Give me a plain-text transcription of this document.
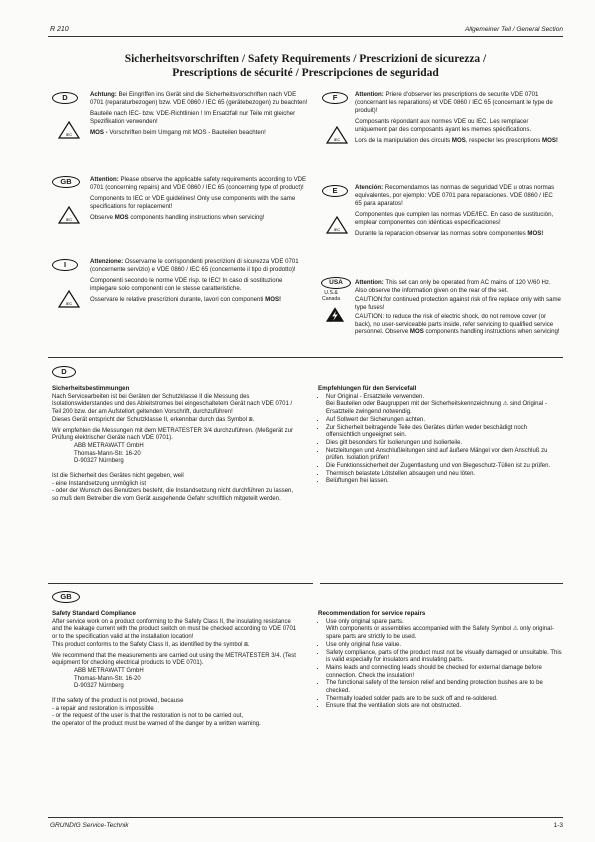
R 210	Allgemeiner Teil / General Section
Sicherheitsvorschriften / Safety Requirements / Prescrizioni de sicurezza /
Prescriptions de sécurité / Prescripciones de seguridad
D	Achtung: Bei Eingriffen ins Gerät sind die Sicherheitsvorschriften nach VDE 0701 (reparaturbezogen) bzw. VDE 0860 / IEC 65 (gerätebezogen) zu beachten!

Bauteile nach IEC- bzw. VDE-Richtlinien ! Im Ersatzfall nur Teile mit gleicher Spezifikation verwenden!

MOS - Vorschriften beim Umgang mit MOS - Bauteilen beachten!

IEC
GB	Attention: Please observe the applicable safety requirements according to VDE 0701 (concerning repairs) and VDE 0860 / IEC 65 (concerning type of product)!

Components to IEC or VDE guidelines! Only use components with the same specifications for replacement!

Observe MOS components handling instructions when servicing!

IEC
I	Attenzione: Osservarne le corrispondenti prescrizioni di sicurezza VDE 0701 (concernente servizio) e VDE 0860 / IEC 65 (concernente il tipo di prodotto)!

Componenti secondo le norme VDE risp. te IEC! In caso di sostituzione impiegare solo componenti con le stesse caratteristiche.

Osservare le relative prescrizioni durante, lavori con componenti MOS!

IEC
F	Attention: Priere d'observer les prescriptions de securite VDE 0701 (concernant les reparations) et VDE 0860 / IEC 65 (concernant le type de produit)!

Composants répondant aux normes VDE ou IEC. Les remplacer uniquement par des composants ayant les memes spécifications.

Lors de la manipulation des circuits MOS, respecter les prescriptions MOS!

IEC
E	Atención: Recomendamos las normas de seguridad VDE u otras normas equivalentes, por ejemplo: VDE 0701 para reparaciones. VDE 0860 / IEC 65 para aparatos!

Componentes que cumplen las normas VDE/IEC. En caso de sustitución, emplear componentes con idénticas especificaciones!

Durante la reparacion observar las normas sobre componentes MOS!

IEC
USA
U.S.&
Canada

Attention: This set can only be operated from AC mains of 120 V/60 Hz. Also observe the information given on the rear of the set.

CAUTION:for continued protection against risk of fire replace only with same type fuses!

CAUTION: to reduce the risk of electric shock, do not remove cover (or back), no user-serviceable parts inside, refer servicing to qualified service personnel. Observe MOS components handling instructions when servicing!

D
Sicherheitsbestimmungen

Nach Servicearbeiten ist bei Geräten der Schutzklasse II die Messung des Isolationswiderstandes und des Ableitstromes bei eingeschaltetem Gerät nach VDE 0701 / Teil 200 bzw. der am Aufstellort geltenden Vorschrift, durchzuführen!

Dieses Gerät entspricht der Schutzklasse II, erkennbar durch das Symbol ⧈.

Wir empfehlen die Messungen mit dem METRATESTER 3/4 durchzuführen. (Meßgerät zur Prüfung elektrischer Geräte nach VDE 0701).

ABB METRAWATT GmbH
Thomas-Mann-Str. 16-20
D-90327 Nürnberg

Ist die Sicherheit des Gerätes nicht gegeben, weil

- eine Instandsetzung unmöglich ist
- oder der Wunsch des Benutzers besteht, die Instandsetzung nicht durchführen zu lassen,

so muß dem Betreiber die vom Gerät ausgehende Gefahr schriftlich mitgeteilt werden.

Empfehlungen für den Servicefall
• Nur Original - Ersatzteile verwenden.
Bei Bauteilen oder Baugruppen mit der Sicherheitskennzeichnung ⚠ sind Original - Ersatzteile zwingend notwendig.
• Auf Sollwert der Sicherungen achten.
• Zur Sicherheit beitragende Teile des Gerätes dürfen weder beschädigt noch offensichtlich ungeeignet sein.
• Dies gilt besonders für Isolierungen und Isolierteile.
• Netzleitungen und Anschlußleitungen sind auf äußere Mängel vor dem Anschluß zu prüfen. Isolation prüfen!
• Die Funktionssicherheit der Zugentlastung und von Biegeschutz-Tüllen ist zu prüfen.
• Thermisch belastete Lötstellen absaugen und neu löten.
• Belüftungen frei lassen.
GB
Safety Standard Compliance

After service work on a product conforming to the Safety Class II, the insulating resistance and the leakage current with the product switch on must be checked according to VDE 0701 or to the specification valid at the installation location!

This product conforms to the Safety Class II, as identified by the symbol ⧈.

We recommend that the measurements are carried out using the METRATESTER 3/4. (Test equipment for checking electrical products to VDE 0701).

ABB METRAWATT GmbH
Thomas-Mann-Str. 16-20
D-90327 Nürnberg

If the safety of the product is not proved, because

- a repair and restoration is impossible
- or the request of the user is that the restoration is not to be carried out,

the operator of the product must be warned of the danger by a written warning.

Recommendation for service repairs
• Use only original spare parts.
With components or assemblies accompanied with the Safety Symbol ⚠ only original-spare parts are strictly to be used.
• Use only original fuse value.
• Safety compliance, parts of the product must not be visually damaged or unsuitable. This is valid especially for insulators and insulating parts.
• Mains leads and connecting leads should be checked for external damage before connection. Check the insulation!
• The functional safety of the tension relief and bending protection bushes are to be checked.
• Thermally loaded solder pads are to be suck off and re-soldered.
• Ensure that the ventilation slots are not obstructed.
GRUNDIG Service-Technik	1-3
